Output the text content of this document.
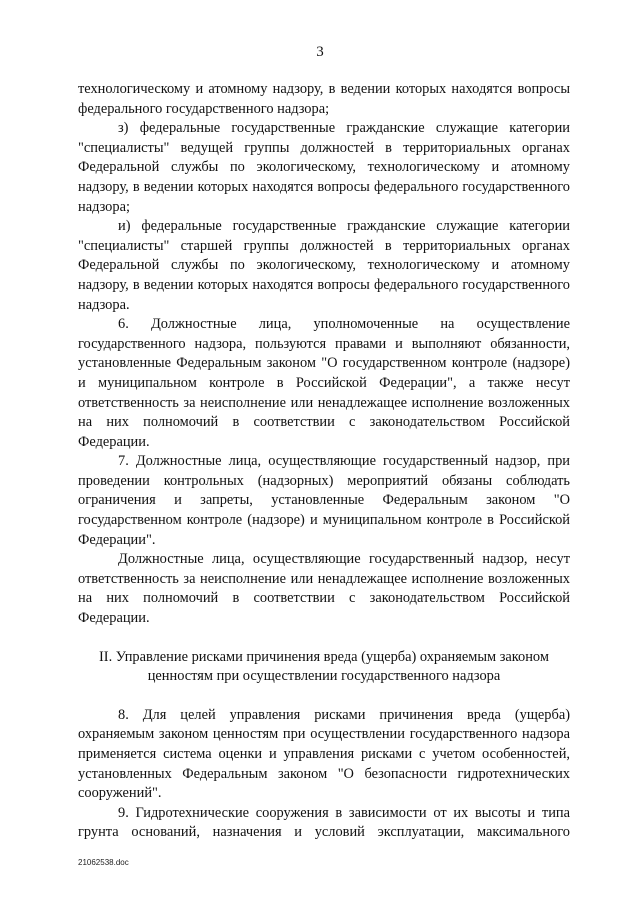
3

технологическому и атомному надзору, в ведении которых находятся вопросы федерального государственного надзора;

з) федеральные государственные гражданские служащие категории "специалисты" ведущей группы должностей в территориальных органах Федеральной службы по экологическому, технологическому и атомному надзору, в ведении которых находятся вопросы федерального государственного надзора;

и) федеральные государственные гражданские служащие категории "специалисты" старшей группы должностей в территориальных органах Федеральной службы по экологическому, технологическому и атомному надзору, в ведении которых находятся вопросы федерального государственного надзора.

6. Должностные лица, уполномоченные на осуществление государственного надзора, пользуются правами и выполняют обязанности, установленные Федеральным законом "О государственном контроле (надзоре) и муниципальном контроле в Российской Федерации", а также несут ответственность за неисполнение или ненадлежащее исполнение возложенных на них полномочий в соответствии с законодательством Российской Федерации.

7. Должностные лица, осуществляющие государственный надзор, при проведении контрольных (надзорных) мероприятий обязаны соблюдать ограничения и запреты, установленные Федеральным законом "О государственном контроле (надзоре) и муниципальном контроле в Российской Федерации".

Должностные лица, осуществляющие государственный надзор, несут ответственность за неисполнение или ненадлежащее исполнение возложенных на них полномочий в соответствии с законодательством Российской Федерации.

II. Управление рисками причинения вреда (ущерба) охраняемым законом
ценностям при осуществлении государственного надзора

8. Для целей управления рисками причинения вреда (ущерба) охраняемым законом ценностям при осуществлении государственного надзора применяется система оценки и управления рисками с учетом особенностей, установленных Федеральным законом "О безопасности гидротехнических сооружений".

9. Гидротехнические сооружения в зависимости от их высоты и типа грунта оснований, назначения и условий эксплуатации, максимального

21062538.doc
